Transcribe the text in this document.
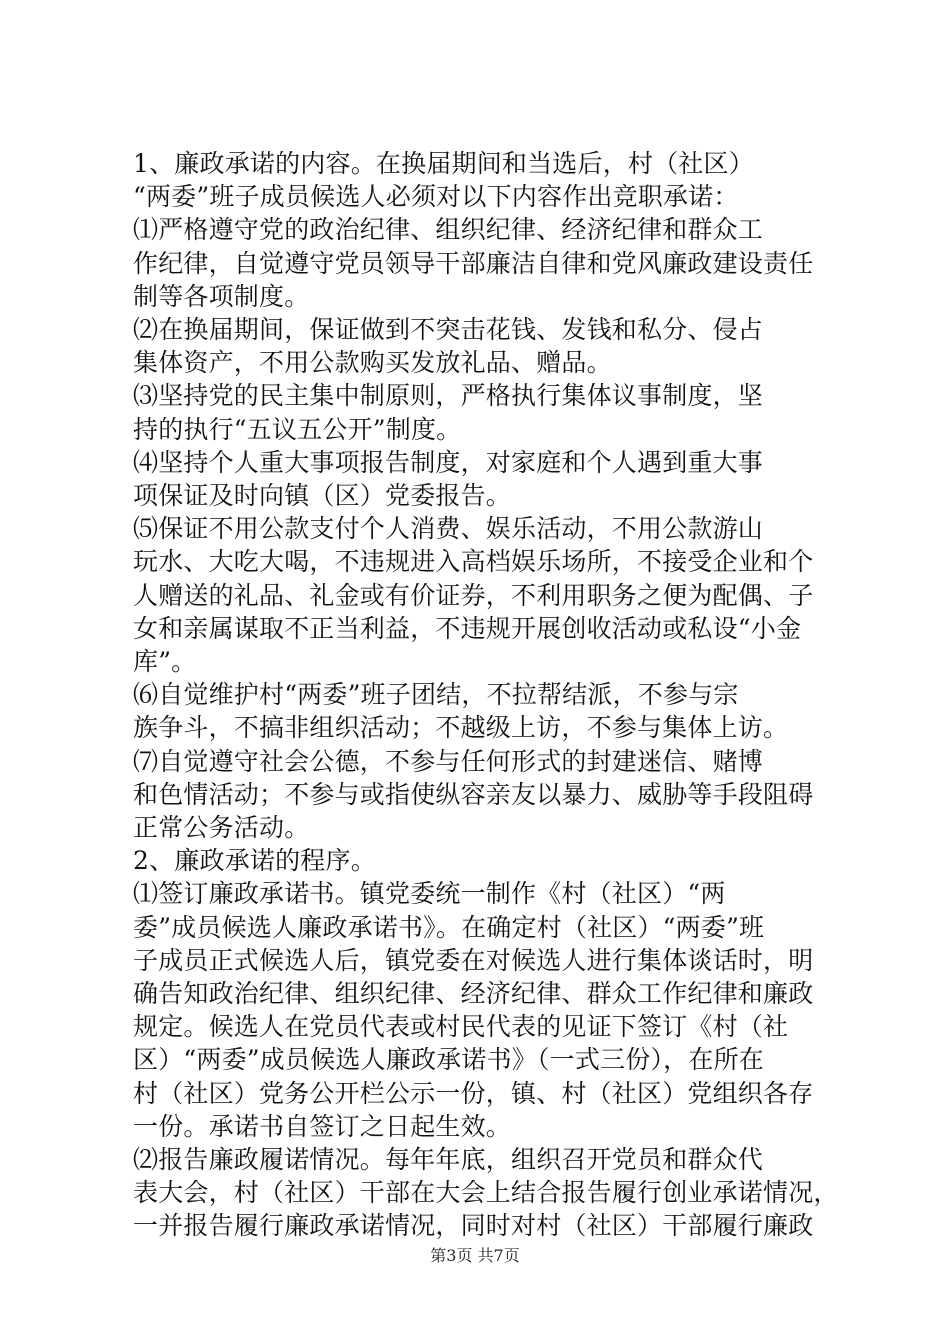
1、廉政承诺的内容。在换届期间和当选后，村（社区）
“两委”班子成员候选人必须对以下内容作出竞职承诺：
⑴严格遵守党的政治纪律、组织纪律、经济纪律和群众工
作纪律，自觉遵守党员领导干部廉洁自律和党风廉政建设责任
制等各项制度。
⑵在换届期间，保证做到不突击花钱、发钱和私分、侵占
集体资产，不用公款购买发放礼品、赠品。
⑶坚持党的民主集中制原则，严格执行集体议事制度，坚
持的执行“五议五公开”制度。
⑷坚持个人重大事项报告制度，对家庭和个人遇到重大事
项保证及时向镇（区）党委报告。
⑸保证不用公款支付个人消费、娱乐活动，不用公款游山
玩水、大吃大喝，不违规进入高档娱乐场所，不接受企业和个
人赠送的礼品、礼金或有价证券，不利用职务之便为配偶、子
女和亲属谋取不正当利益，不违规开展创收活动或私设“小金
库”。
⑹自觉维护村“两委”班子团结，不拉帮结派，不参与宗
族争斗，不搞非组织活动；不越级上访，不参与集体上访。
⑺自觉遵守社会公德，不参与任何形式的封建迷信、赌博
和色情活动；不参与或指使纵容亲友以暴力、威胁等手段阻碍
正常公务活动。
2、廉政承诺的程序。
⑴签订廉政承诺书。镇党委统一制作《村（社区）“两
委”成员候选人廉政承诺书》。在确定村（社区）“两委”班
子成员正式候选人后，镇党委在对候选人进行集体谈话时，明
确告知政治纪律、组织纪律、经济纪律、群众工作纪律和廉政
规定。候选人在党员代表或村民代表的见证下签订《村（社
区）“两委”成员候选人廉政承诺书》（一式三份），在所在
村（社区）党务公开栏公示一份，镇、村（社区）党组织各存
一份。承诺书自签订之日起生效。
⑵报告廉政履诺情况。每年年底，组织召开党员和群众代
表大会，村（社区）干部在大会上结合报告履行创业承诺情况，
一并报告履行廉政承诺情况，同时对村（社区）干部履行廉政
第3页 共7页
